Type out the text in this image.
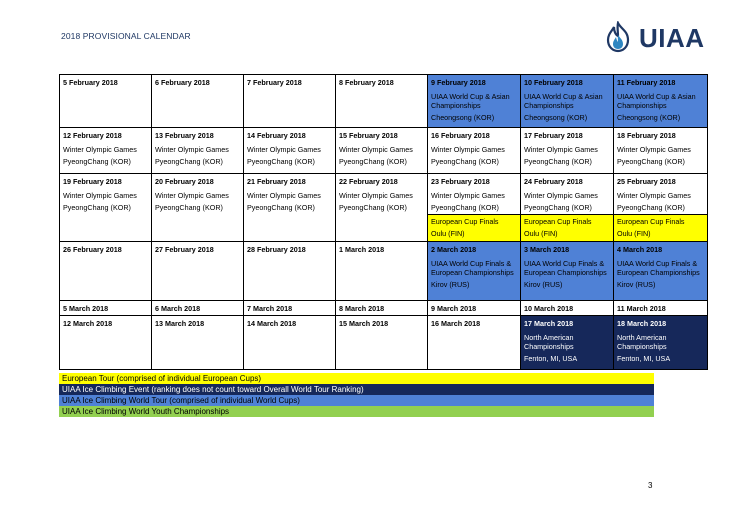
2018 PROVISIONAL CALENDAR	UIAA
5 February 2018	6 February 2018	7 February 2018	8 February 2018	9 February 2018
UIAA World Cup & Asian Championships
Cheongsong (KOR)	10 February 2018
UIAA World Cup & Asian Championships
Cheongsong (KOR)	11 February 2018
UIAA World Cup & Asian Championships
Cheongsong (KOR)

12 February 2018
Winter Olympic Games
PyeongChang (KOR)	13 February 2018
Winter Olympic Games
PyeongChang (KOR)	14 February 2018
Winter Olympic Games
PyeongChang (KOR)	15 February 2018
Winter Olympic Games
PyeongChang (KOR)	16 February 2018
Winter Olympic Games
PyeongChang (KOR)	17 February 2018
Winter Olympic Games
PyeongChang (KOR)	18 February 2018
Winter Olympic Games
PyeongChang (KOR)

19 February 2018
Winter Olympic Games
PyeongChang (KOR)	20 February 2018
Winter Olympic Games
PyeongChang (KOR)	21 February 2018
Winter Olympic Games
PyeongChang (KOR)	22 February 2018
Winter Olympic Games
PyeongChang (KOR)	23 February 2018
Winter Olympic Games
PyeongChang (KOR)
European Cup Finals
Oulu (FIN)	24 February 2018
Winter Olympic Games
PyeongChang (KOR)
European Cup Finals
Oulu (FIN)	25 February 2018
Winter Olympic Games
PyeongChang (KOR)
European Cup Finals
Oulu (FIN)

26 February 2018	27 February 2018	28 February 2018	1 March 2018	2 March 2018
UIAA World Cup Finals & European Championships
Kirov (RUS)	3 March 2018
UIAA World Cup Finals & European Championships
Kirov (RUS)	4 March 2018
UIAA World Cup Finals & European Championships
Kirov (RUS)

5 March 2018	6 March 2018	7 March 2018	8 March 2018	9 March 2018	10 March 2018	11 March 2018

12 March 2018	13 March 2018	14 March 2018	15 March 2018	16 March 2018	17 March 2018
North American Championships
Fenton, MI, USA	18 March 2018
North American Championships
Fenton, MI, USA
European Tour (comprised of individual European Cups)
UIAA Ice Climbing Event (ranking does not count toward Overall World Tour Ranking)
UIAA Ice Climbing World Tour (comprised of individual World Cups)
UIAA Ice Climbing World Youth Championships
3
